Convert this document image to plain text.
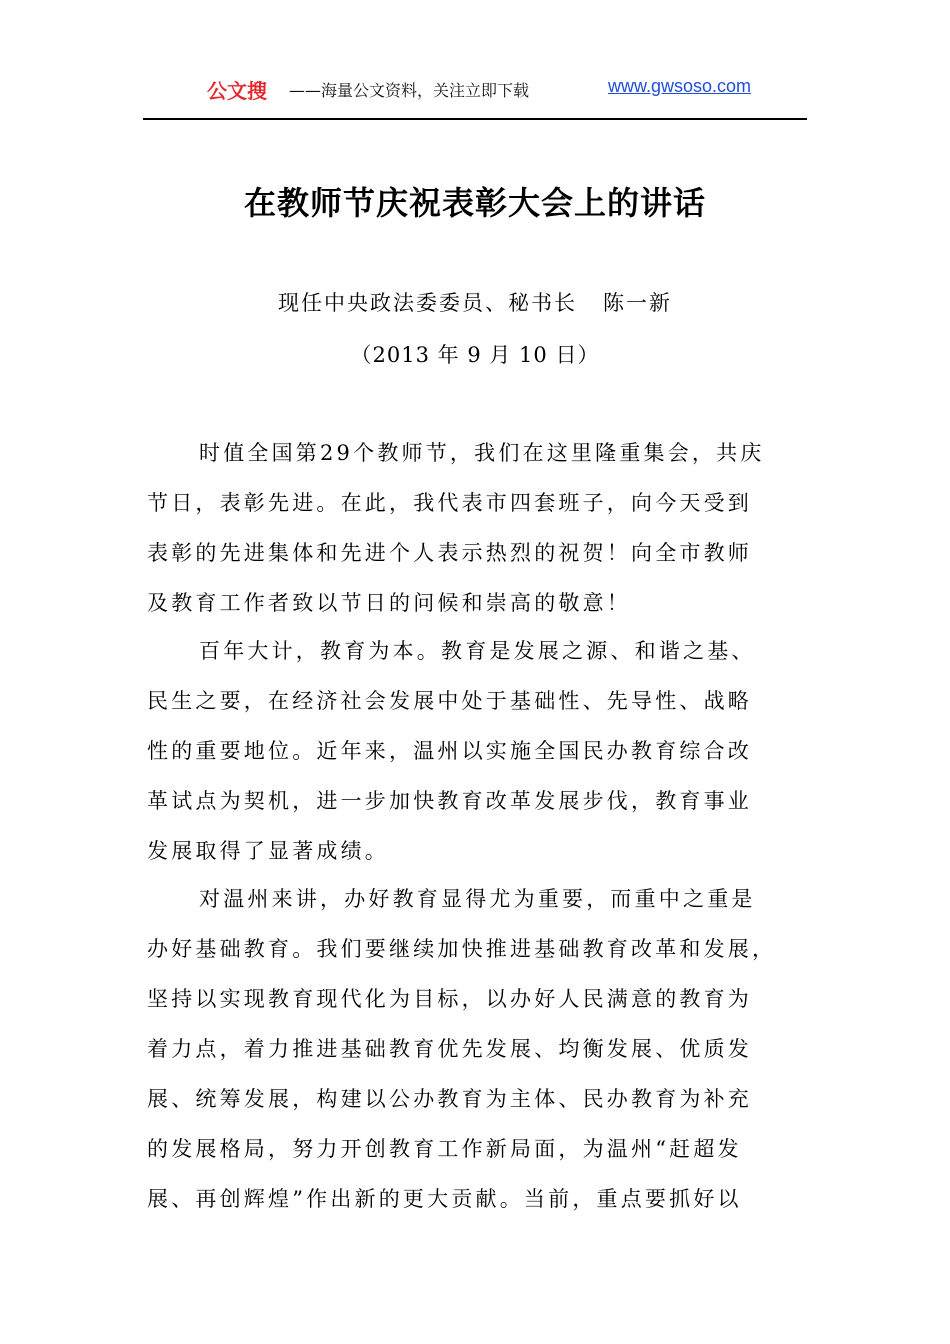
公文搜 ——海量公文资料，关注立即下载	www.gwsoso.com
在教师节庆祝表彰大会上的讲话
现任中央政法委委员、秘书长   陈一新
（2013 年 9 月 10 日）
时值全国第29个教师节，我们在这里隆重集会，共庆
节日，表彰先进。在此，我代表市四套班子，向今天受到
表彰的先进集体和先进个人表示热烈的祝贺！向全市教师
及教育工作者致以节日的问候和崇高的敬意！
百年大计，教育为本。教育是发展之源、和谐之基、
民生之要，在经济社会发展中处于基础性、先导性、战略
性的重要地位。近年来，温州以实施全国民办教育综合改
革试点为契机，进一步加快教育改革发展步伐，教育事业
发展取得了显著成绩。
对温州来讲，办好教育显得尤为重要，而重中之重是
办好基础教育。我们要继续加快推进基础教育改革和发展，
坚持以实现教育现代化为目标，以办好人民满意的教育为
着力点，着力推进基础教育优先发展、均衡发展、优质发
展、统筹发展，构建以公办教育为主体、民办教育为补充
的发展格局，努力开创教育工作新局面，为温州“赶超发
展、再创辉煌”作出新的更大贡献。当前，重点要抓好以
